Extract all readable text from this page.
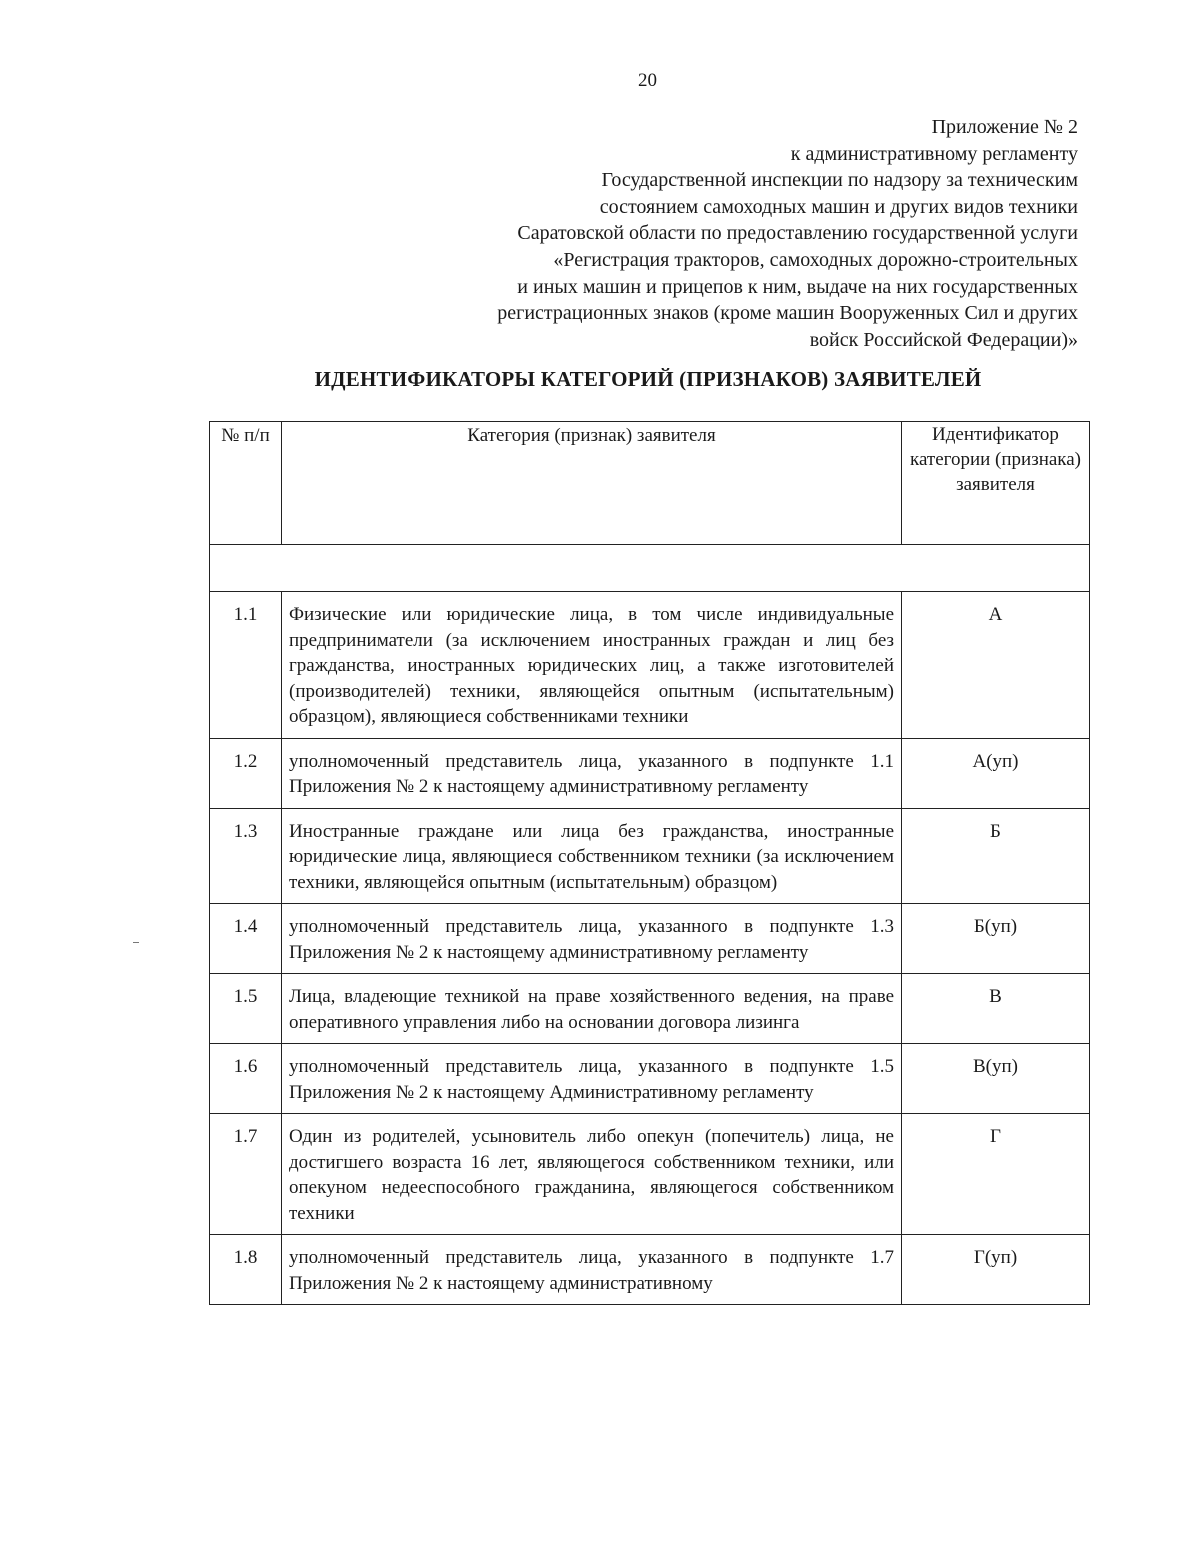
20
Приложение № 2
к административному регламенту
Государственной инспекции по надзору за техническим
состоянием самоходных машин и других видов техники
Саратовской области по предоставлению государственной услуги
«Регистрация тракторов, самоходных дорожно-строительных
и иных машин и прицепов к ним, выдаче на них государственных
регистрационных знаков (кроме машин Вооруженных Сил и других
войск Российской Федерации)»
ИДЕНТИФИКАТОРЫ КАТЕГОРИЙ (ПРИЗНАКОВ) ЗАЯВИТЕЛЕЙ
№ п/п	Категория (признак) заявителя	Идентификатор категории (признака) заявителя

1.1	Физические или юридические лица, в том числе индивидуальные предприниматели (за исключением иностранных граждан и лиц без гражданства, иностранных юридических лиц, а также изготовителей (производителей) техники, являющейся опытным (испытательным) образцом), являющиеся собственниками техники	А
1.2	уполномоченный представитель лица, указанного в подпункте 1.1 Приложения № 2 к настоящему административному регламенту	А(уп)
1.3	Иностранные граждане или лица без гражданства, иностранные юридические лица, являющиеся собственником техники (за исключением техники, являющейся опытным (испытательным) образцом)	Б
1.4	уполномоченный представитель лица, указанного в подпункте 1.3 Приложения № 2 к настоящему административному регламенту	Б(уп)
1.5	Лица, владеющие техникой на праве хозяйственного ведения, на праве оперативного управления либо на основании договора лизинга	В
1.6	уполномоченный представитель лица, указанного в подпункте 1.5 Приложения № 2 к настоящему Административному регламенту	В(уп)
1.7	Один из родителей, усыновитель либо опекун (попечитель) лица, не достигшего возраста 16 лет, являющегося собственником техники, или опекуном недееспособного гражданина, являющегося собственником техники	Г
1.8	уполномоченный представитель лица, указанного в подпункте 1.7 Приложения № 2 к настоящему административному	Г(уп)
